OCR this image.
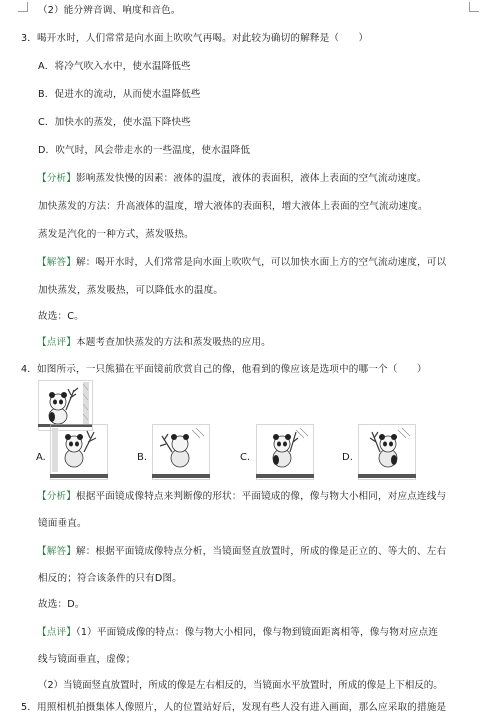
（2）能分辨音调、响度和音色。
3．喝开水时，人们常常是向水面上吹吹气再喝。对此较为确切的解释是（　　）
A．将冷气吹入水中，使水温降低些
B．促进水的流动，从而使水温降低些
C．加快水的蒸发，使水温下降快些
D．吹气时，风会带走水的一些温度，使水温降低
【分析】影响蒸发快慢的因素：液体的温度，液体的表面积，液体上表面的空气流动速度。
加快蒸发的方法：升高液体的温度，增大液体的表面积，增大液体上表面的空气流动速度。
蒸发是汽化的一种方式，蒸发吸热。
【解答】解：喝开水时，人们常常是向水面上吹吹气，可以加快水面上方的空气流动速度，可以
加快蒸发，蒸发吸热，可以降低水的温度。
故选：C。
【点评】本题考查加快蒸发的方法和蒸发吸热的应用。
4．如图所示，一只熊猫在平面镜前欣赏自己的像，他看到的像应该是选项中的哪一个（　　）
A.	B.	C.	D.
【分析】根据平面镜成像特点来判断像的形状：平面镜成的像，像与物大小相同，对应点连线与
镜面垂直。
【解答】解：根据平面镜成像特点分析，当镜面竖直放置时，所成的像是正立的、等大的、左右
相反的；符合该条件的只有D图。
故选：D。
【点评】（1）平面镜成像的特点：像与物大小相同，像与物到镜面距离相等，像与物对应点连
线与镜面垂直，虚像；
（2）当镜面竖直放置时，所成的像是左右相反的，当镜面水平放置时，所成的像是上下相反的。
5．用照相机拍摄集体人像照片，人的位置站好后，发现有些人没有进入画面，那么应采取的措施是
